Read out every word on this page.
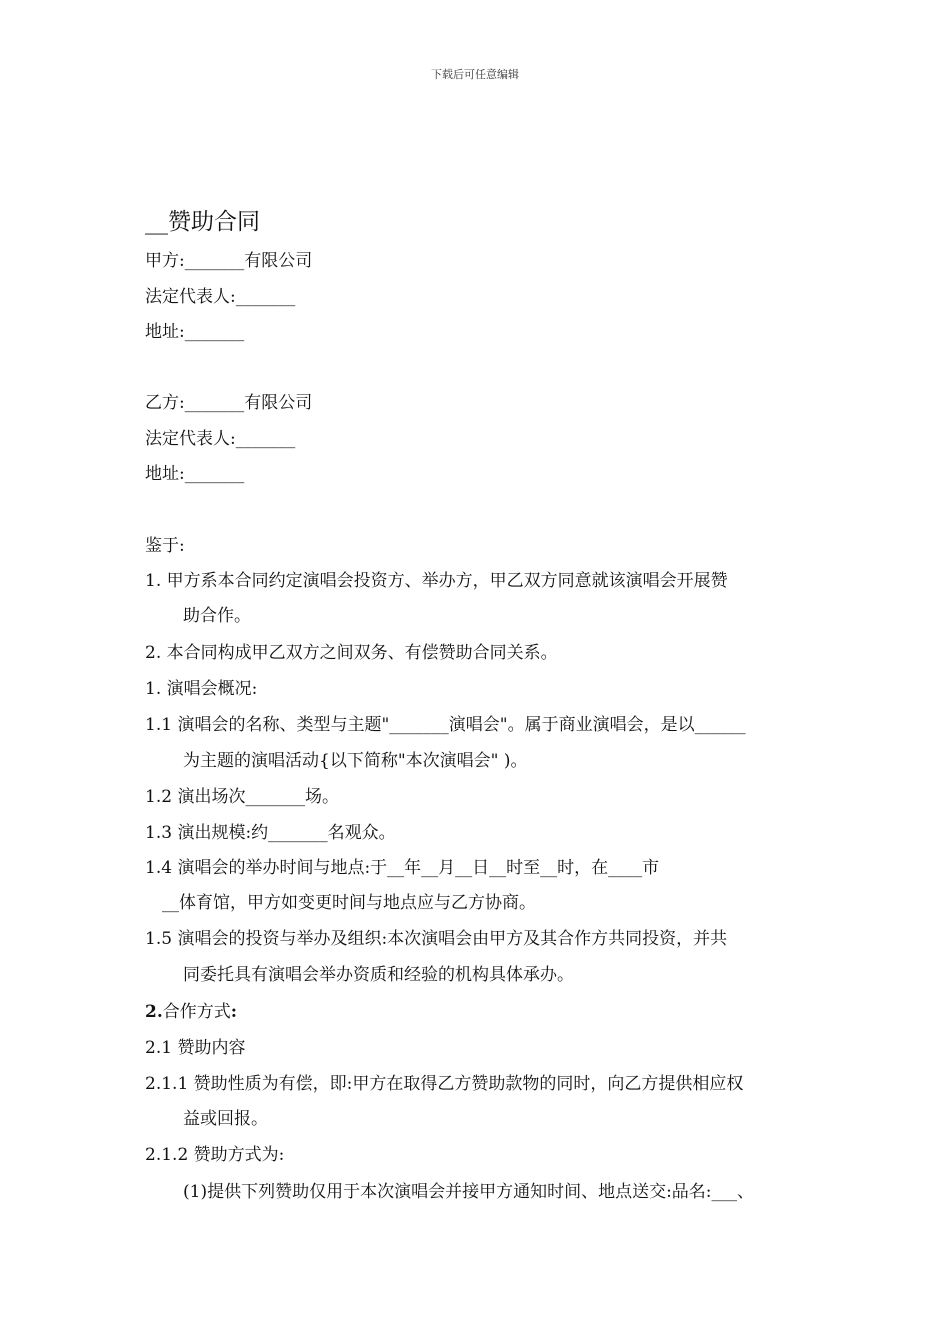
下载后可任意编辑
__赞助合同
甲方:_______有限公司
法定代表人:_______
地址:_______
乙方:_______有限公司
法定代表人:_______
地址:_______
鉴于:
1. 甲方系本合同约定演唱会投资方、举办方，甲乙双方同意就该演唱会开展赞
助合作。
2. 本合同构成甲乙双方之间双务、有偿赞助合同关系。
1. 演唱会概况:
1.1 演唱会的名称、类型与主题"_______演唱会"。属于商业演唱会，是以______
为主题的演唱活动{以下简称"本次演唱会" )。
1.2 演出场次_______场。
1.3 演出规模:约_______名观众。
1.4 演唱会的举办时间与地点:于__年__月__日__时至__时，在____市
__体育馆，甲方如变更时间与地点应与乙方协商。
1.5 演唱会的投资与举办及组织:本次演唱会由甲方及其合作方共同投资，并共
同委托具有演唱会举办资质和经验的机构具体承办。
2.合作方式:
2.1 赞助内容
2.1.1 赞助性质为有偿，即:甲方在取得乙方赞助款物的同时，向乙方提供相应权
益或回报。
2.1.2 赞助方式为:
(1)提供下列赞助仅用于本次演唱会并接甲方通知时间、地点送交:品名:___、
